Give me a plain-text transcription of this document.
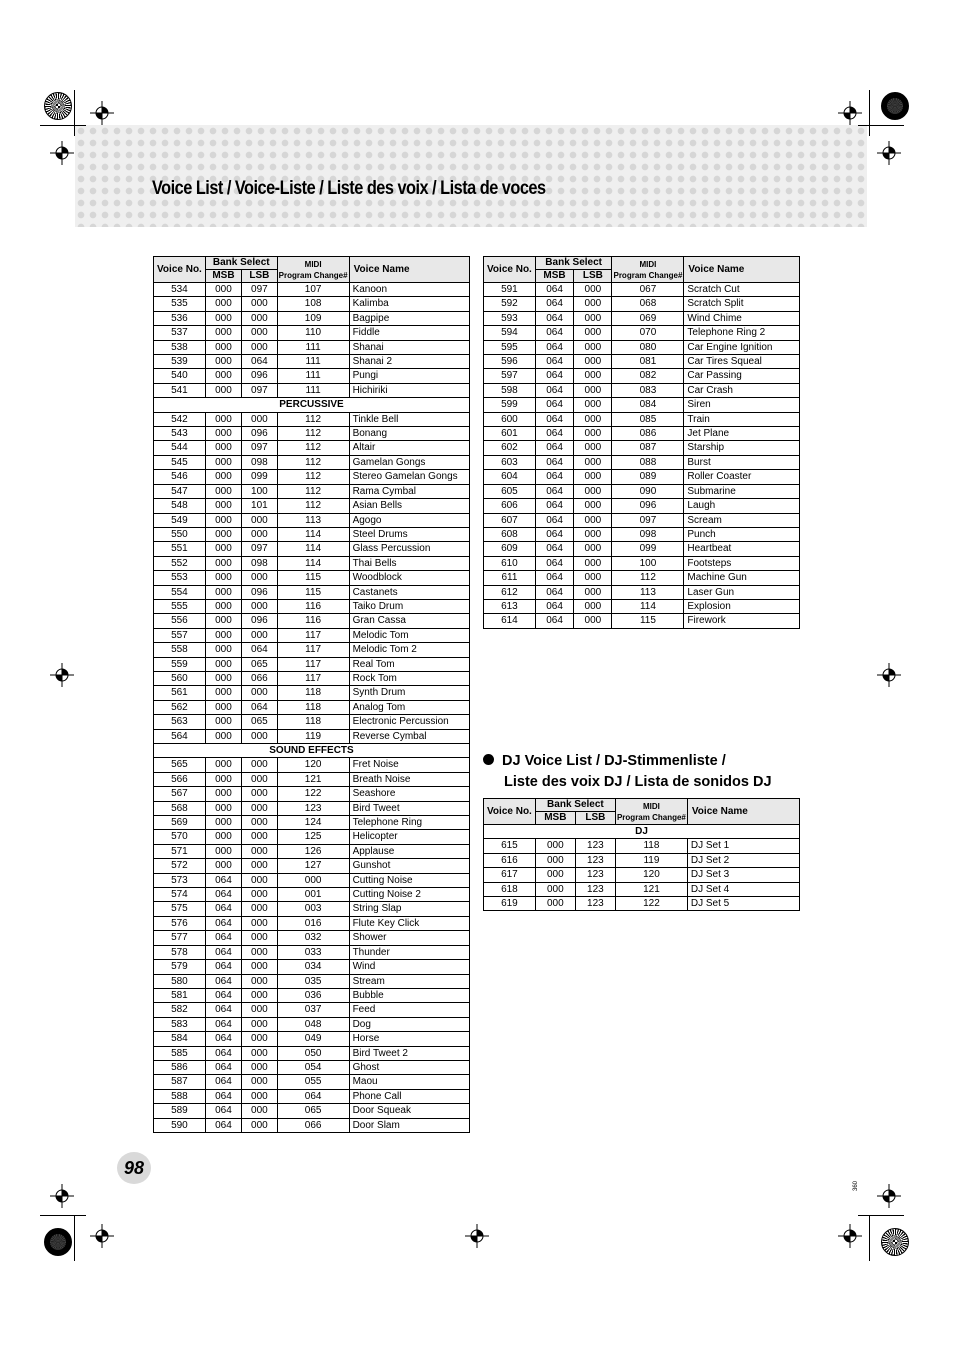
Voice List / Voice-Liste / Liste des voix / Lista de voces
Voice No.	Bank Select		MIDI
Program Change#	Voice Name
	MSB	LSB		
534	000	097	107	Kanoon
535	000	000	108	Kalimba
536	000	000	109	Bagpipe
537	000	000	110	Fiddle
538	000	000	111	Shanai
539	000	064	111	Shanai 2
540	000	096	111	Pungi
541	000	097	111	Hichiriki
PERCUSSIVE				
542	000	000	112	Tinkle Bell
543	000	096	112	Bonang
544	000	097	112	Altair
545	000	098	112	Gamelan Gongs
546	000	099	112	Stereo Gamelan Gongs
547	000	100	112	Rama Cymbal
548	000	101	112	Asian Bells
549	000	000	113	Agogo
550	000	000	114	Steel Drums
551	000	097	114	Glass Percussion
552	000	098	114	Thai Bells
553	000	000	115	Woodblock
554	000	096	115	Castanets
555	000	000	116	Taiko Drum
556	000	096	116	Gran Cassa
557	000	000	117	Melodic Tom
558	000	064	117	Melodic Tom 2
559	000	065	117	Real Tom
560	000	066	117	Rock Tom
561	000	000	118	Synth Drum
562	000	064	118	Analog Tom
563	000	065	118	Electronic Percussion
564	000	000	119	Reverse Cymbal
SOUND EFFECTS				
565	000	000	120	Fret Noise
566	000	000	121	Breath Noise
567	000	000	122	Seashore
568	000	000	123	Bird Tweet
569	000	000	124	Telephone Ring
570	000	000	125	Helicopter
571	000	000	126	Applause
572	000	000	127	Gunshot
573	064	000	000	Cutting Noise
574	064	000	001	Cutting Noise 2
575	064	000	003	String Slap
576	064	000	016	Flute Key Click
577	064	000	032	Shower
578	064	000	033	Thunder
579	064	000	034	Wind
580	064	000	035	Stream
581	064	000	036	Bubble
582	064	000	037	Feed
583	064	000	048	Dog
584	064	000	049	Horse
585	064	000	050	Bird Tweet 2
586	064	000	054	Ghost
587	064	000	055	Maou
588	064	000	064	Phone Call
589	064	000	065	Door Squeak
590	064	000	066	Door Slam
Voice No.	Bank Select		MIDI
Program Change#	Voice Name
	MSB	LSB		
591	064	000	067	Scratch Cut
592	064	000	068	Scratch Split
593	064	000	069	Wind Chime
594	064	000	070	Telephone Ring 2
595	064	000	080	Car Engine Ignition
596	064	000	081	Car Tires Squeal
597	064	000	082	Car Passing
598	064	000	083	Car Crash
599	064	000	084	Siren
600	064	000	085	Train
601	064	000	086	Jet Plane
602	064	000	087	Starship
603	064	000	088	Burst
604	064	000	089	Roller Coaster
605	064	000	090	Submarine
606	064	000	096	Laugh
607	064	000	097	Scream
608	064	000	098	Punch
609	064	000	099	Heartbeat
610	064	000	100	Footsteps
611	064	000	112	Machine Gun
612	064	000	113	Laser Gun
613	064	000	114	Explosion
614	064	000	115	Firework
DJ Voice List / DJ-Stimmenliste /
Liste des voix DJ / Lista de sonidos DJ
Voice No.	Bank Select		MIDI
Program Change#	Voice Name
	MSB	LSB		
DJ				
615	000	123	118	DJ Set 1
616	000	123	119	DJ Set 2
617	000	123	120	DJ Set 3
618	000	123	121	DJ Set 4
619	000	123	122	DJ Set 5
98
360
